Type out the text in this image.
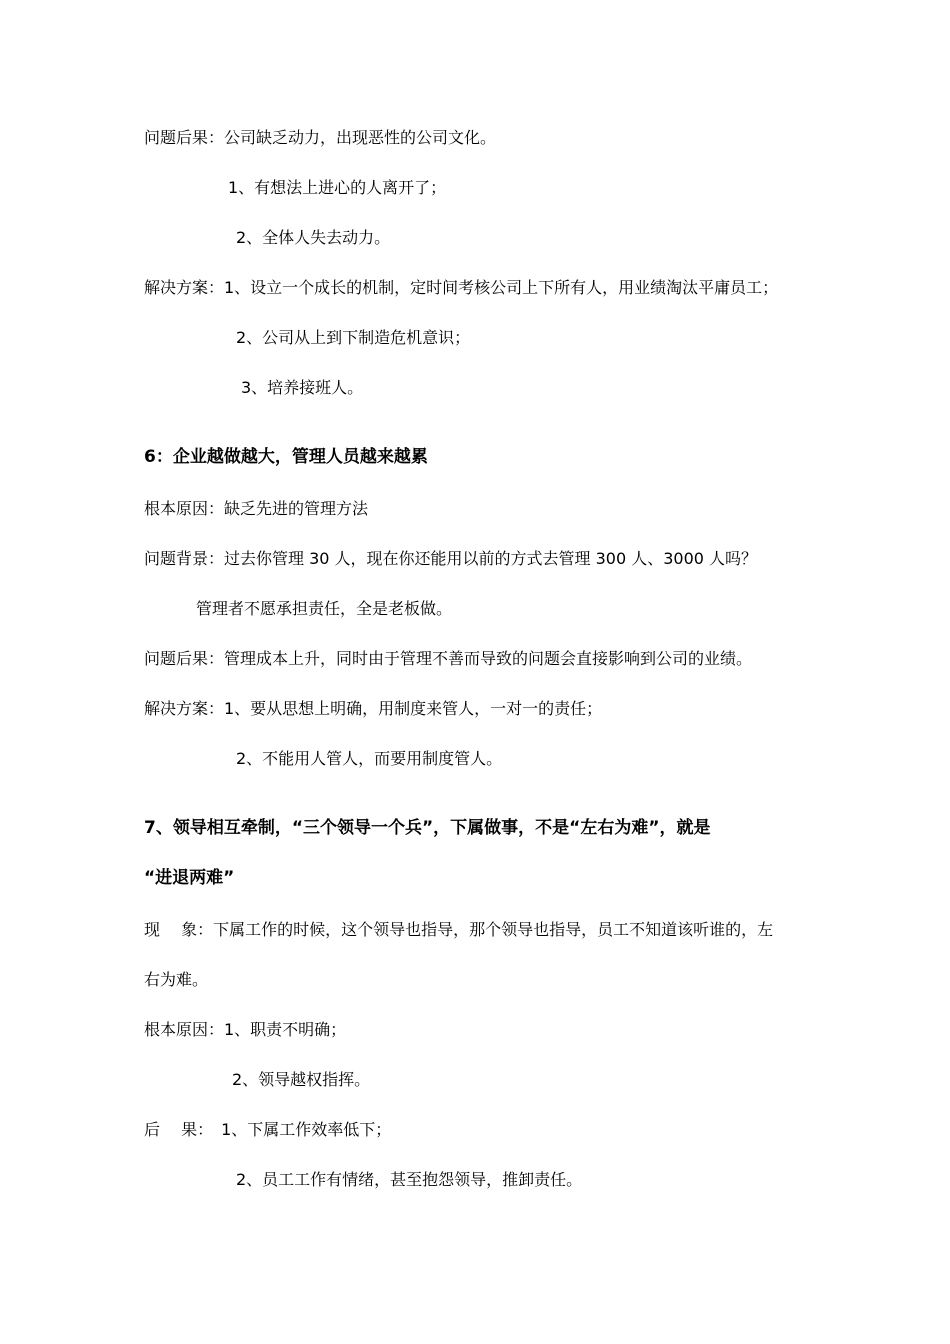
问题后果：公司缺乏动力，出现恶性的公司文化。
1、有想法上进心的人离开了；
2、全体人失去动力。
解决方案：1、设立一个成长的机制，定时间考核公司上下所有人，用业绩淘汰平庸员工；
2、公司从上到下制造危机意识；
3、培养接班人。
6：企业越做越大，管理人员越来越累
根本原因：缺乏先进的管理方法
问题背景：过去你管理 30 人，现在你还能用以前的方式去管理 300 人、3000 人吗？
管理者不愿承担责任，全是老板做。
问题后果：管理成本上升，同时由于管理不善而导致的问题会直接影响到公司的业绩。
解决方案：1、要从思想上明确，用制度来管人，一对一的责任；
2、不能用人管人，而要用制度管人。
7、领导相互牵制，“三个领导一个兵”，下属做事，不是“左右为难”，就是
“进退两难”
现　 象：下属工作的时候，这个领导也指导，那个领导也指导，员工不知道该听谁的，左
右为难。
根本原因：1、职责不明确；
2、领导越权指挥。
后　 果：　1、下属工作效率低下；
2、员工工作有情绪，甚至抱怨领导，推卸责任。
